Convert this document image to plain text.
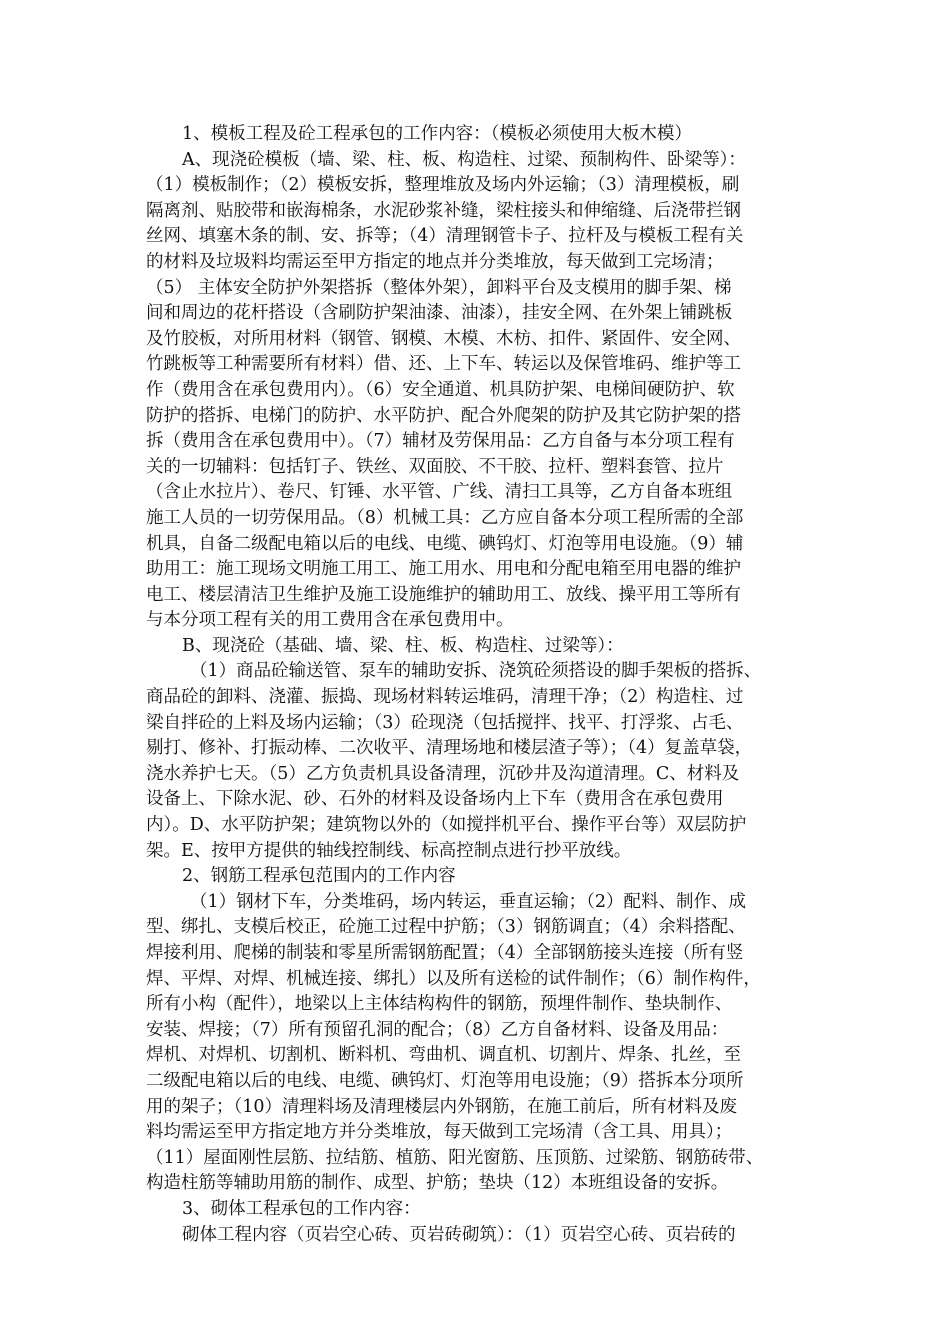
1、模板工程及砼工程承包的工作内容：（模板必须使用大板木模）
A、现浇砼模板（墙、梁、柱、板、构造柱、过梁、预制构件、卧梁等）：
（1）模板制作；（2）模板安拆，整理堆放及场内外运输；（3）清理模板，刷
隔离剂、贴胶带和嵌海棉条，水泥砂浆补缝，梁柱接头和伸缩缝、后浇带拦钢
丝网、填塞木条的制、安、拆等；（4）清理钢管卡子、拉杆及与模板工程有关
的材料及垃圾料均需运至甲方指定的地点并分类堆放，每天做到工完场清；
（5） 主体安全防护外架搭拆（整体外架），卸料平台及支模用的脚手架、梯
间和周边的花杆搭设（含刷防护架油漆、油漆），挂安全网、在外架上铺跳板
及竹胶板，对所用材料（钢管、钢模、木模、木枋、扣件、紧固件、安全网、
竹跳板等工种需要所有材料）借、还、上下车、转运以及保管堆码、维护等工
作（费用含在承包费用内）。（6）安全通道、机具防护架、电梯间硬防护、软
防护的搭拆、电梯门的防护、水平防护、配合外爬架的防护及其它防护架的搭
拆（费用含在承包费用中）。（7）辅材及劳保用品：乙方自备与本分项工程有
关的一切辅料：包括钉子、铁丝、双面胶、不干胶、拉杆、塑料套管、拉片
（含止水拉片）、卷尺、钉锤、水平管、广线、清扫工具等，乙方自备本班组
施工人员的一切劳保用品。（8）机械工具：乙方应自备本分项工程所需的全部
机具，自备二级配电箱以后的电线、电缆、碘钨灯、灯泡等用电设施。（9）辅
助用工：施工现场文明施工用工、施工用水、用电和分配电箱至用电器的维护
电工、楼层清洁卫生维护及施工设施维护的辅助用工、放线、操平用工等所有
与本分项工程有关的用工费用含在承包费用中。
B、现浇砼（基础、墙、梁、柱、板、构造柱、过梁等）：
（1）商品砼输送管、泵车的辅助安拆、浇筑砼须搭设的脚手架板的搭拆、
商品砼的卸料、浇灌、振捣、现场材料转运堆码，清理干净；（2）构造柱、过
梁自拌砼的上料及场内运输；（3）砼现浇（包括搅拌、找平、打浮浆、占毛、
剔打、修补、打振动棒、二次收平、清理场地和楼层渣子等）；（4）复盖草袋，
浇水养护七天。（5）乙方负责机具设备清理，沉砂井及沟道清理。C、材料及
设备上、下除水泥、砂、石外的材料及设备场内上下车（费用含在承包费用
内）。D、水平防护架；建筑物以外的（如搅拌机平台、操作平台等）双层防护
架。E、按甲方提供的轴线控制线、标高控制点进行抄平放线。
2、钢筋工程承包范围内的工作内容
（1）钢材下车，分类堆码，场内转运，垂直运输；（2）配料、制作、成
型、绑扎、支模后校正，砼施工过程中护筋；（3）钢筋调直；（4）余料搭配、
焊接利用、爬梯的制装和零星所需钢筋配置；（4）全部钢筋接头连接（所有竖
焊、平焊、对焊、机械连接、绑扎）以及所有送检的试件制作；（6）制作构件，
所有小构（配件），地梁以上主体结构构件的钢筋，预埋件制作、垫块制作、
安装、焊接；（7）所有预留孔洞的配合；（8）乙方自备材料、设备及用品：
焊机、对焊机、切割机、断料机、弯曲机、调直机、切割片、焊条、扎丝，至
二级配电箱以后的电线、电缆、碘钨灯、灯泡等用电设施；（9）搭拆本分项所
用的架子；（10）清理料场及清理楼层内外钢筋，在施工前后，所有材料及废
料均需运至甲方指定地方并分类堆放，每天做到工完场清（含工具、用具）；
（11）屋面刚性层筋、拉结筋、植筋、阳光窗筋、压顶筋、过梁筋、钢筋砖带、
构造柱筋等辅助用筋的制作、成型、护筋；垫块（12）本班组设备的安拆。
3、砌体工程承包的工作内容：
砌体工程内容（页岩空心砖、页岩砖砌筑）：（1）页岩空心砖、页岩砖的
